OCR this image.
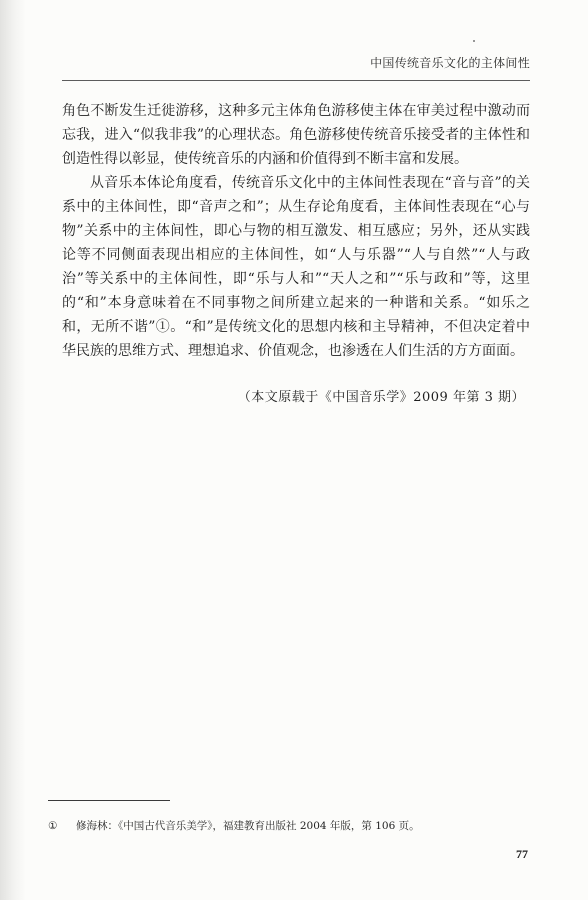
中国传统音乐文化的主体间性

角色不断发生迁徙游移，这种多元主体角色游移使主体在审美过程中激动而忘我，进入“似我非我”的心理状态。角色游移使传统音乐接受者的主体性和创造性得以彰显，使传统音乐的内涵和价值得到不断丰富和发展。

从音乐本体论角度看，传统音乐文化中的主体间性表现在“音与音”的关系中的主体间性，即“音声之和”；从生存论角度看，主体间性表现在“心与物”关系中的主体间性，即心与物的相互激发、相互感应；另外，还从实践论等不同侧面表现出相应的主体间性，如“人与乐器”“人与自然”“人与政治”等关系中的主体间性，即“乐与人和”“天人之和”“乐与政和”等，这里的“和”本身意味着在不同事物之间所建立起来的一种谐和关系。“如乐之和，无所不谐”①。“和”是传统文化的思想内核和主导精神，不但决定着中华民族的思维方式、理想追求、价值观念，也渗透在人们生活的方方面面。

（本文原载于《中国音乐学》2009 年第 3 期）
① 修海林：《中国古代音乐美学》，福建教育出版社 2004 年版，第 106 页。
77
